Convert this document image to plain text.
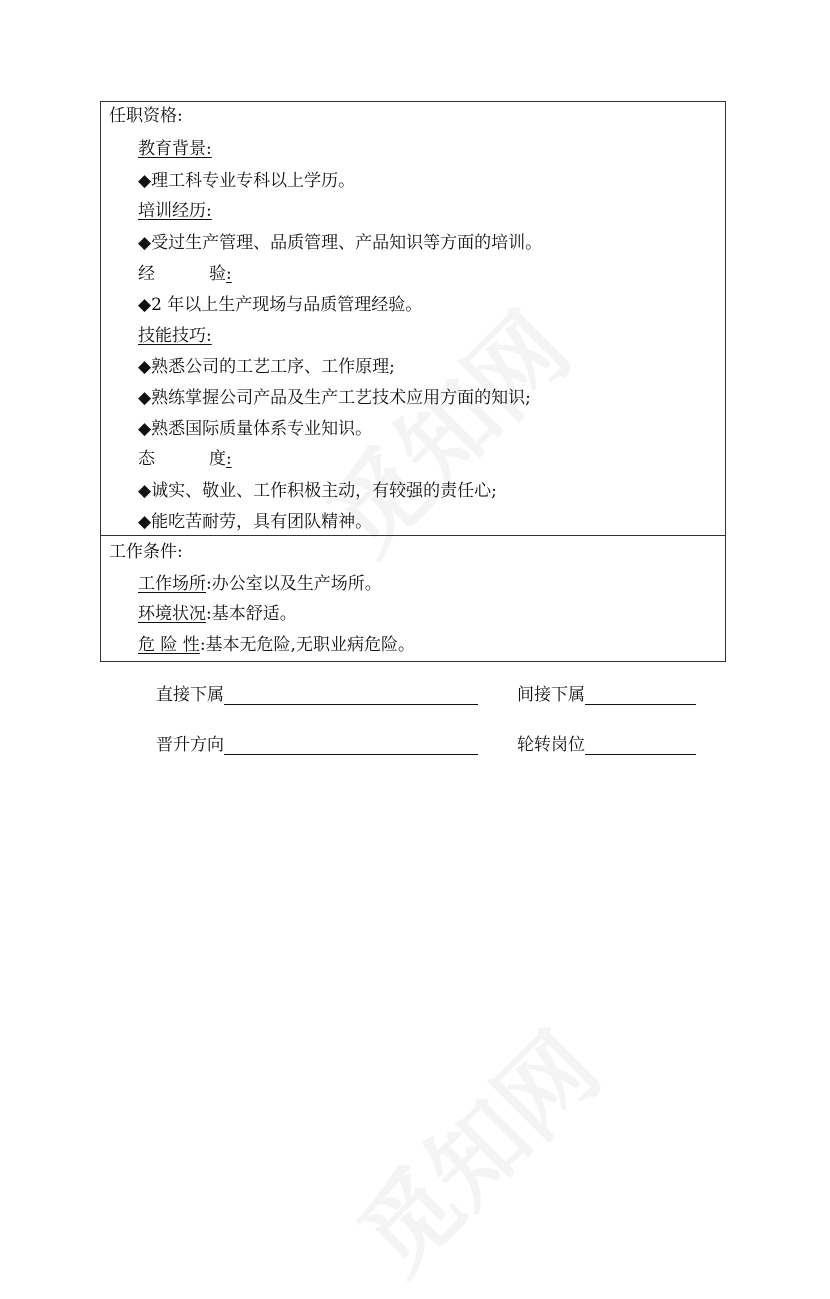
任职资格:
教育背景:
◆理工科专业专科以上学历。
培训经历:
◆受过生产管理、品质管理、产品知识等方面的培训。
经验:
◆2 年以上生产现场与品质管理经验。
技能技巧:
◆熟悉公司的工艺工序、工作原理;
◆熟练掌握公司产品及生产工艺技术应用方面的知识;
◆熟悉国际质量体系专业知识。
态度:
◆诚实、敬业、工作积极主动，有较强的责任心;
◆能吃苦耐劳，具有团队精神。
工作条件:
工作场所:办公室以及生产场所。
环境状况:基本舒适。
危 险 性:基本无危险,无职业病危险。
直接下属	间接下属
晋升方向	轮转岗位
